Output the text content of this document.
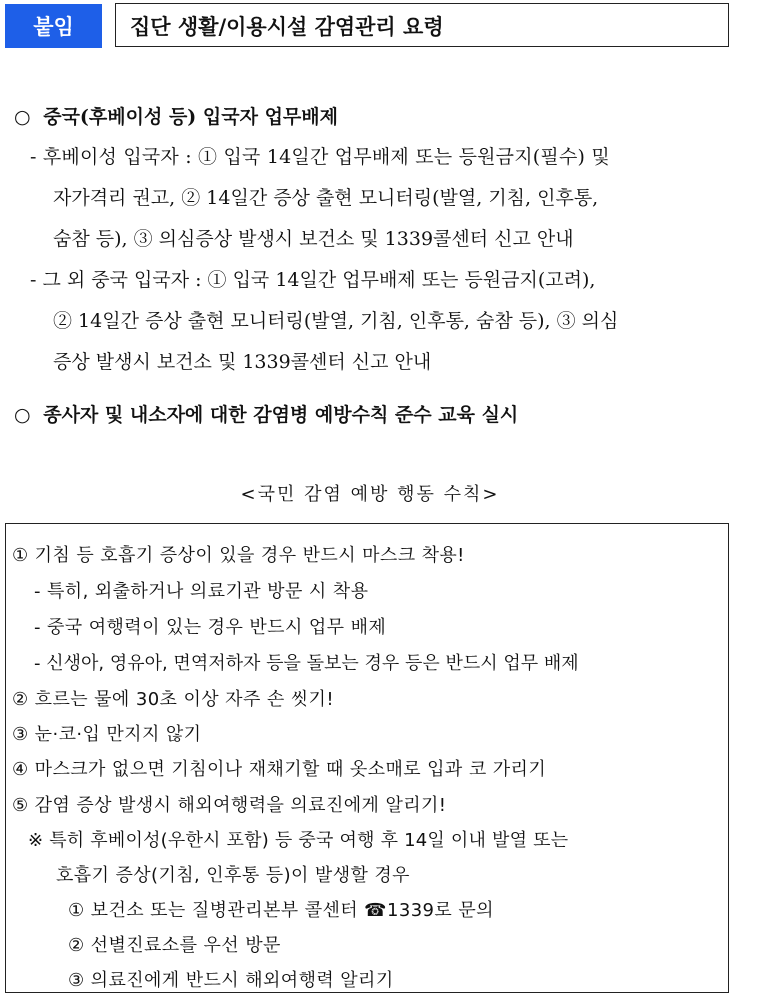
붙임	집단 생활/이용시설 감염관리 요령
○ 중국(후베이성 등) 입국자 업무배제
- 후베이성 입국자 : ① 입국 14일간 업무배제 또는 등원금지(필수) 및
자가격리 권고, ② 14일간 증상 출현 모니터링(발열, 기침, 인후통,
숨참 등), ③ 의심증상 발생시 보건소 및 1339콜센터 신고 안내
- 그 외 중국 입국자 : ① 입국 14일간 업무배제 또는 등원금지(고려),
② 14일간 증상 출현 모니터링(발열, 기침, 인후통, 숨참 등), ③ 의심
증상 발생시 보건소 및 1339콜센터 신고 안내
○ 종사자 및 내소자에 대한 감염병 예방수칙 준수 교육 실시
<국민 감염 예방 행동 수칙>
① 기침 등 호흡기 증상이 있을 경우 반드시 마스크 착용!
- 특히, 외출하거나 의료기관 방문 시 착용
- 중국 여행력이 있는 경우 반드시 업무 배제
- 신생아, 영유아, 면역저하자 등을 돌보는 경우 등은 반드시 업무 배제
② 흐르는 물에 30초 이상 자주 손 씻기!
③ 눈·코·입 만지지 않기
④ 마스크가 없으면 기침이나 재채기할 때 옷소매로 입과 코 가리기
⑤ 감염 증상 발생시 해외여행력을 의료진에게 알리기!
※ 특히 후베이성(우한시 포함) 등 중국 여행 후 14일 이내 발열 또는
호흡기 증상(기침, 인후통 등)이 발생할 경우
① 보건소 또는 질병관리본부 콜센터 ☎1339로 문의
② 선별진료소를 우선 방문
③ 의료진에게 반드시 해외여행력 알리기
